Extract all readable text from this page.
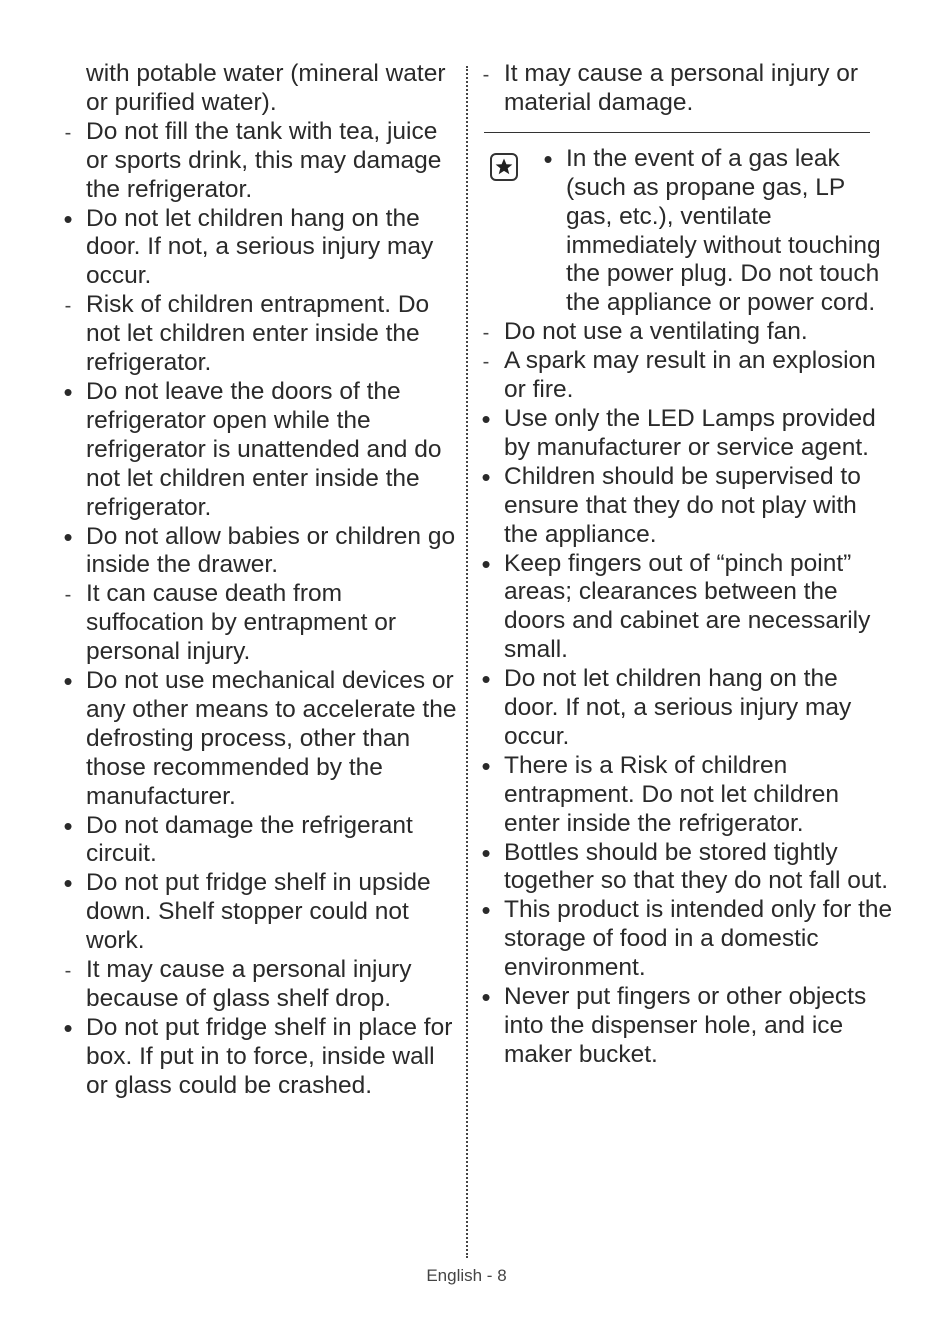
with potable water (mineral water or purified water).
-
Do not fill the tank with tea, juice or sports drink, this may damage the refrigerator.
•
Do not let children hang on the door. If not, a serious injury may occur.
-
Risk of children entrapment. Do not let children enter inside the refrigerator.
•
Do not leave the doors of the refrigerator open while the refrigerator is unattended and do not let children enter inside the refrigerator.
•
Do not allow babies or children go inside the drawer.
-
It can cause death from suffocation by entrapment or personal injury.
•
Do not use mechanical devices or any other means to accelerate the defrosting process, other than those recommended by the manufacturer.
•
Do not damage the refrigerant circuit.
•
Do not put fridge shelf in upside down. Shelf stopper could not work.
-
It may cause a personal injury because of glass shelf drop.
•
Do not put fridge shelf in place for box. If put in to force, inside wall or glass could be crashed.
-
It may cause a personal injury or material damage.
•
In the event of a gas leak (such as propane gas, LP gas, etc.), ventilate immediately without touching the power plug. Do not touch the appliance or power cord.
-
Do not use a ventilating fan.
-
A spark may result in an explosion or fire.
•
Use only the LED Lamps provided by manufacturer or service agent.
•
Children should be supervised to ensure that they do not play with the appliance.
•
Keep fingers out of “pinch point” areas; clearances between the doors and cabinet are necessarily small.
•
Do not let children hang on the door. If not, a serious injury may occur.
•
There is a Risk of children entrapment. Do not let children enter inside the refrigerator.
•
Bottles should be stored tightly together so that they do not fall out.
•
This product is intended only for the storage of food in a domestic environment.
•
Never put fingers or other objects into the dispenser hole, and ice maker bucket.
English - 8
